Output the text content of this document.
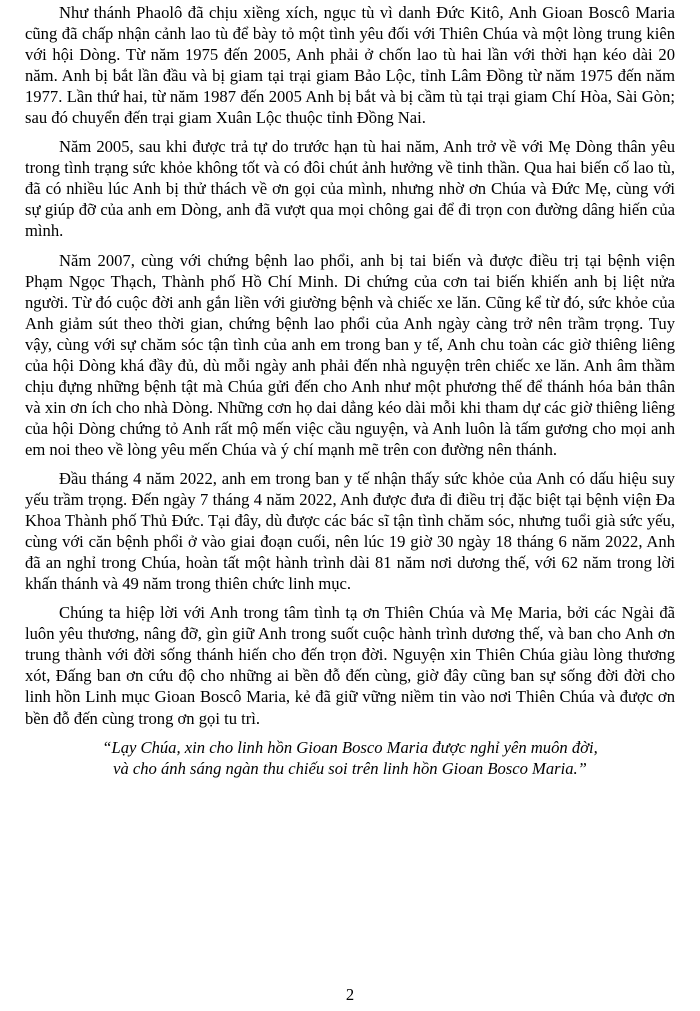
Như thánh Phaolô đã chịu xiềng xích, ngục tù vì danh Đức Kitô, Anh Gioan Boscô Maria cũng đã chấp nhận cảnh lao tù để bày tỏ một tình yêu đối với Thiên Chúa và một lòng trung kiên với hội Dòng. Từ năm 1975 đến 2005, Anh phải ở chốn lao tù hai lần với thời hạn kéo dài 20 năm. Anh bị bắt lần đầu và bị giam tại trại giam Bảo Lộc, tỉnh Lâm Đồng từ năm 1975 đến năm 1977. Lần thứ hai, từ năm 1987 đến 2005 Anh bị bắt và bị cầm tù tại trại giam Chí Hòa, Sài Gòn; sau đó chuyển đến trại giam Xuân Lộc thuộc tỉnh Đồng Nai.

Năm 2005, sau khi được trả tự do trước hạn tù hai năm, Anh trở về với Mẹ Dòng thân yêu trong tình trạng sức khỏe không tốt và có đôi chút ảnh hưởng về tinh thần. Qua hai biến cố lao tù, đã có nhiều lúc Anh bị thử thách về ơn gọi của mình, nhưng nhờ ơn Chúa và Đức Mẹ, cùng với sự giúp đỡ của anh em Dòng, anh đã vượt qua mọi chông gai để đi trọn con đường dâng hiến của mình.

Năm 2007, cùng với chứng bệnh lao phổi, anh bị tai biến và được điều trị tại bệnh viện Phạm Ngọc Thạch, Thành phố Hồ Chí Minh. Di chứng của cơn tai biến khiến anh bị liệt nửa người. Từ đó cuộc đời anh gắn liền với giường bệnh và chiếc xe lăn. Cũng kể từ đó, sức khỏe của Anh giảm sút theo thời gian, chứng bệnh lao phổi của Anh ngày càng trở nên trầm trọng. Tuy vậy, cùng với sự chăm sóc tận tình của anh em trong ban y tế, Anh chu toàn các giờ thiêng liêng của hội Dòng khá đầy đủ, dù mỗi ngày anh phải đến nhà nguyện trên chiếc xe lăn. Anh âm thầm chịu đựng những bệnh tật mà Chúa gửi đến cho Anh như một phương thế để thánh hóa bản thân và xin ơn ích cho nhà Dòng. Những cơn họ dai dẳng kéo dài mỗi khi tham dự các giờ thiêng liêng của hội Dòng chứng tỏ Anh rất mộ mến việc cầu nguyện, và Anh luôn là tấm gương cho mọi anh em noi theo về lòng yêu mến Chúa và ý chí mạnh mẽ trên con đường nên thánh.

Đầu tháng 4 năm 2022, anh em trong ban y tế nhận thấy sức khỏe của Anh có dấu hiệu suy yếu trầm trọng. Đến ngày 7 tháng 4 năm 2022, Anh được đưa đi điều trị đặc biệt tại bệnh viện Đa Khoa Thành phố Thủ Đức. Tại đây, dù được các bác sĩ tận tình chăm sóc, nhưng tuổi già sức yếu, cùng với căn bệnh phổi ở vào giai đoạn cuối, nên lúc 19 giờ 30 ngày 18 tháng 6 năm 2022, Anh đã an nghỉ trong Chúa, hoàn tất một hành trình dài 81 năm nơi dương thế, với 62 năm trong lời khấn thánh và 49 năm trong thiên chức linh mục.

Chúng ta hiệp lời với Anh trong tâm tình tạ ơn Thiên Chúa và Mẹ Maria, bởi các Ngài đã luôn yêu thương, nâng đỡ, gìn giữ Anh trong suốt cuộc hành trình dương thế, và ban cho Anh ơn trung thành với đời sống thánh hiến cho đến trọn đời. Nguyện xin Thiên Chúa giàu lòng thương xót, Đấng ban ơn cứu độ cho những ai bền đỗ đến cùng, giờ đây cũng ban sự sống đời đời cho linh hồn Linh mục Gioan Boscô Maria, kẻ đã giữ vững niềm tin vào nơi Thiên Chúa và được ơn bền đỗ đến cùng trong ơn gọi tu trì.

“Lạy Chúa, xin cho linh hồn Gioan Bosco Maria được nghỉ yên muôn đời,
và cho ánh sáng ngàn thu chiếu soi trên linh hồn Gioan Bosco Maria.”

2
